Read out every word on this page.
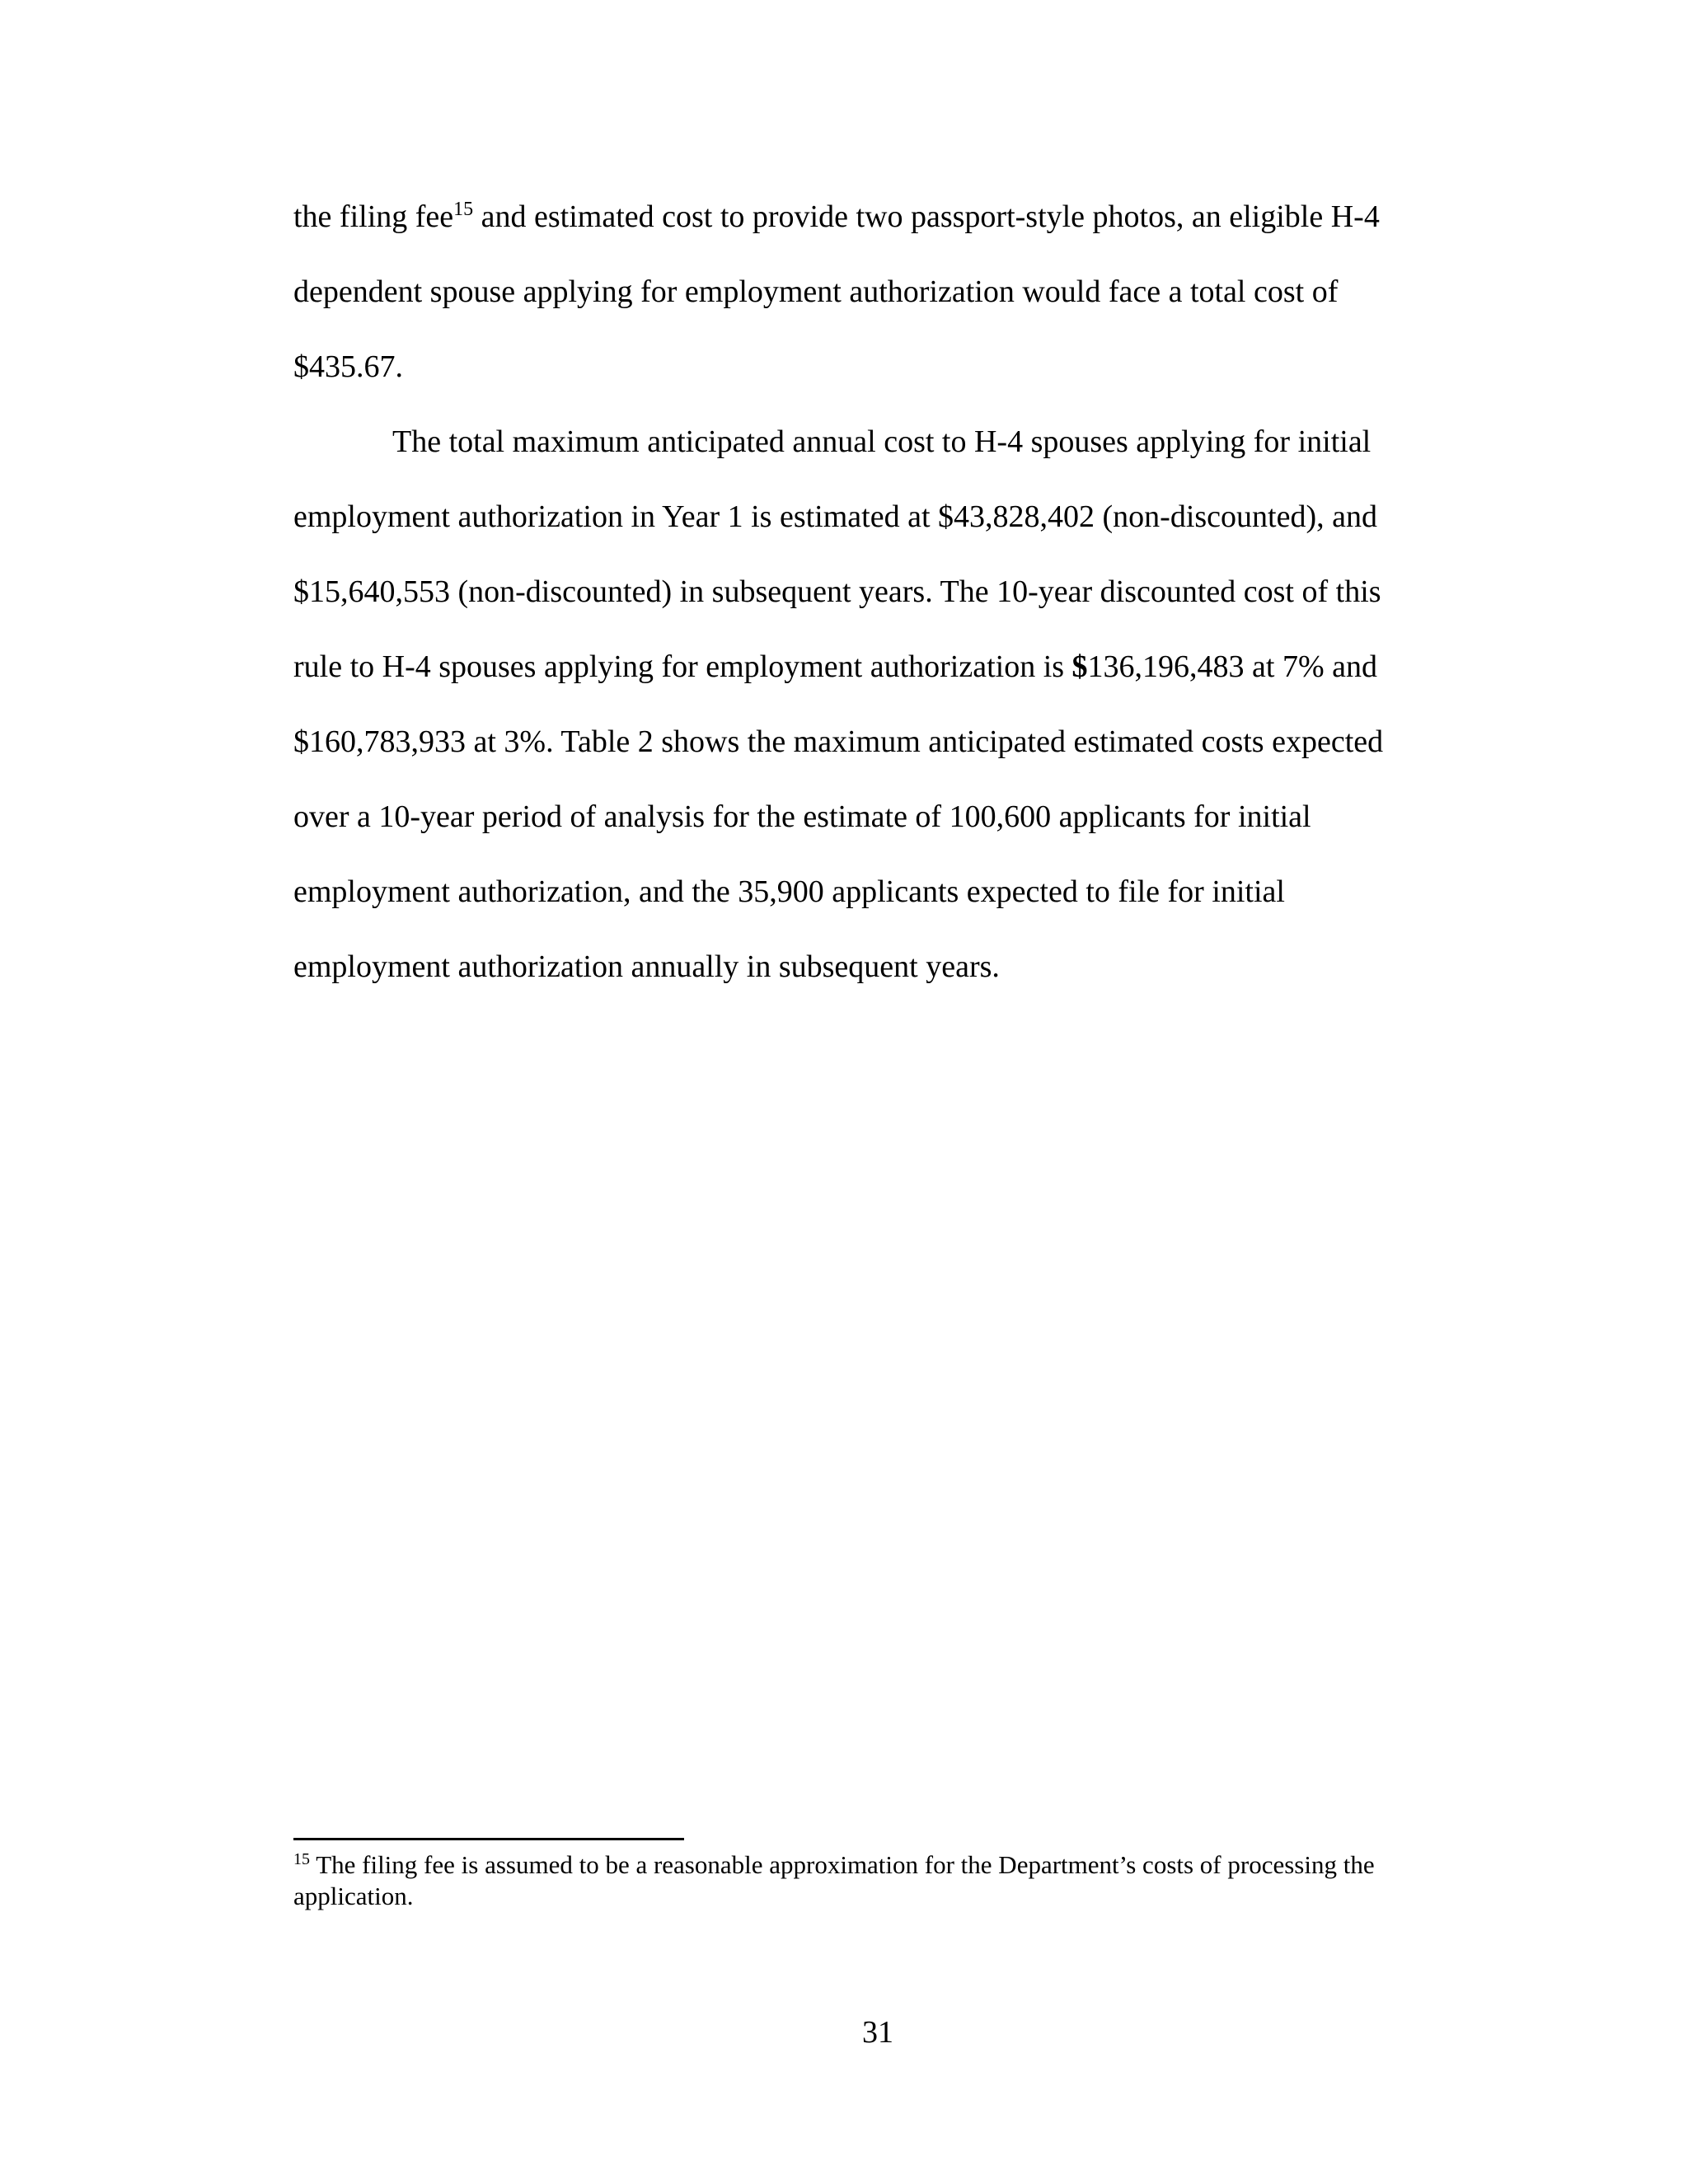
the filing fee$^{15}$ and estimated cost to provide two passport-style photos, an eligible H-4
dependent spouse applying for employment authorization would face a total cost of
$435.67.
The total maximum anticipated annual cost to H-4 spouses applying for initial
employment authorization in Year 1 is estimated at $43,828,402 (non-discounted), and
$15,640,553 (non-discounted) in subsequent years. The 10-year discounted cost of this
rule to H-4 spouses applying for employment authorization is $136,196,483 at 7% and
$160,783,933 at 3%. Table 2 shows the maximum anticipated estimated costs expected
over a 10-year period of analysis for the estimate of 100,600 applicants for initial
employment authorization, and the 35,900 applicants expected to file for initial
employment authorization annually in subsequent years.
$^{15}$ The filing fee is assumed to be a reasonable approximation for the Department’s costs of processing the
application.
31
